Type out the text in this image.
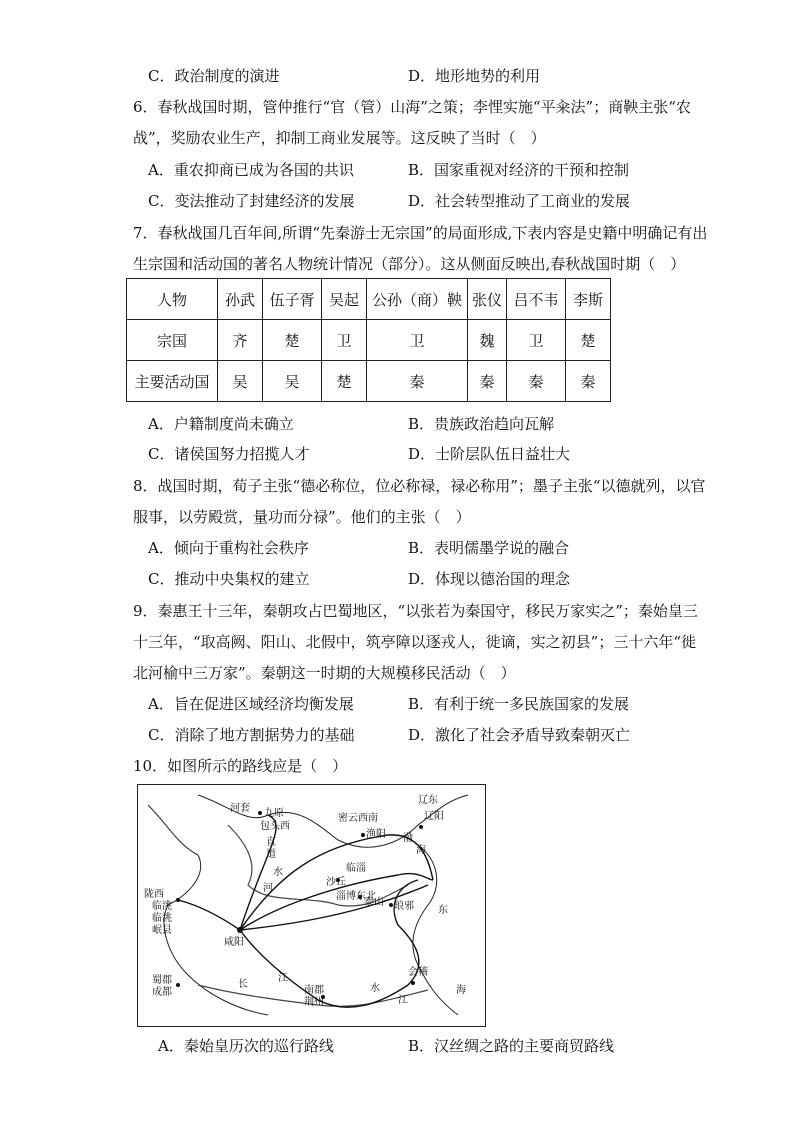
C．政治制度的演进	D．地形地势的利用
6．春秋战国时期，管仲推行“官（管）山海”之策；李悝实施“平籴法”；商鞅主张“农
战”，奖励农业生产，抑制工商业发展等。这反映了当时（　）
A．重农抑商已成为各国的共识	B．国家重视对经济的干预和控制
C．变法推动了封建经济的发展	D．社会转型推动了工商业的发展
7．春秋战国几百年间,所谓“先秦游士无宗国”的局面形成,下表内容是史籍中明确记有出
生宗国和活动国的著名人物统计情况（部分）。这从侧面反映出,春秋战国时期（　）
人物	孙武	伍子胥	吴起	公孙（商）鞅	张仪	吕不韦	李斯
宗国	齐	楚	卫	卫	魏	卫	楚
主要活动国	吴	吴	楚	秦	秦	秦	秦
A．户籍制度尚未确立	B．贵族政治趋向瓦解
C．诸侯国努力招揽人才	D．士阶层队伍日益壮大
8．战国时期，荀子主张“德必称位，位必称禄，禄必称用”；墨子主张“以德就列，以官
服事，以劳殿赏，量功而分禄”。他们的主张（　）
A．倾向于重构社会秩序	B．表明儒墨学说的融合
C．推动中央集权的建立	D．体现以德治国的理念
9．秦惠王十三年，秦朝攻占巴蜀地区，“以张若为秦国守，移民万家实之”；秦始皇三
十三年，“取高阙、阳山、北假中，筑亭障以逐戎人，徙谪，实之初县”；三十六年“徙
北河榆中三万家”。秦朝这一时期的大规模移民活动（　）
A．旨在促进区域经济均衡发展	B．有利于统一多民族国家的发展
C．消除了地方割据势力的基础	D．激化了社会矛盾导致秦朝灭亡
10．如图所示的路线应是（　）
河套 九原
包头西
密云西南
渔阳
辽东
辽阳
渤
海
直
道
沙丘
临淄
淄博东北
泰山 琅邪 东
陇西
临洮
临洮
岷县
咸阳
河
水
蜀郡
成都
长
江
南郡
荆州
水
江
会稽
海
A．秦始皇历次的巡行路线	B．汉丝绸之路的主要商贸路线
